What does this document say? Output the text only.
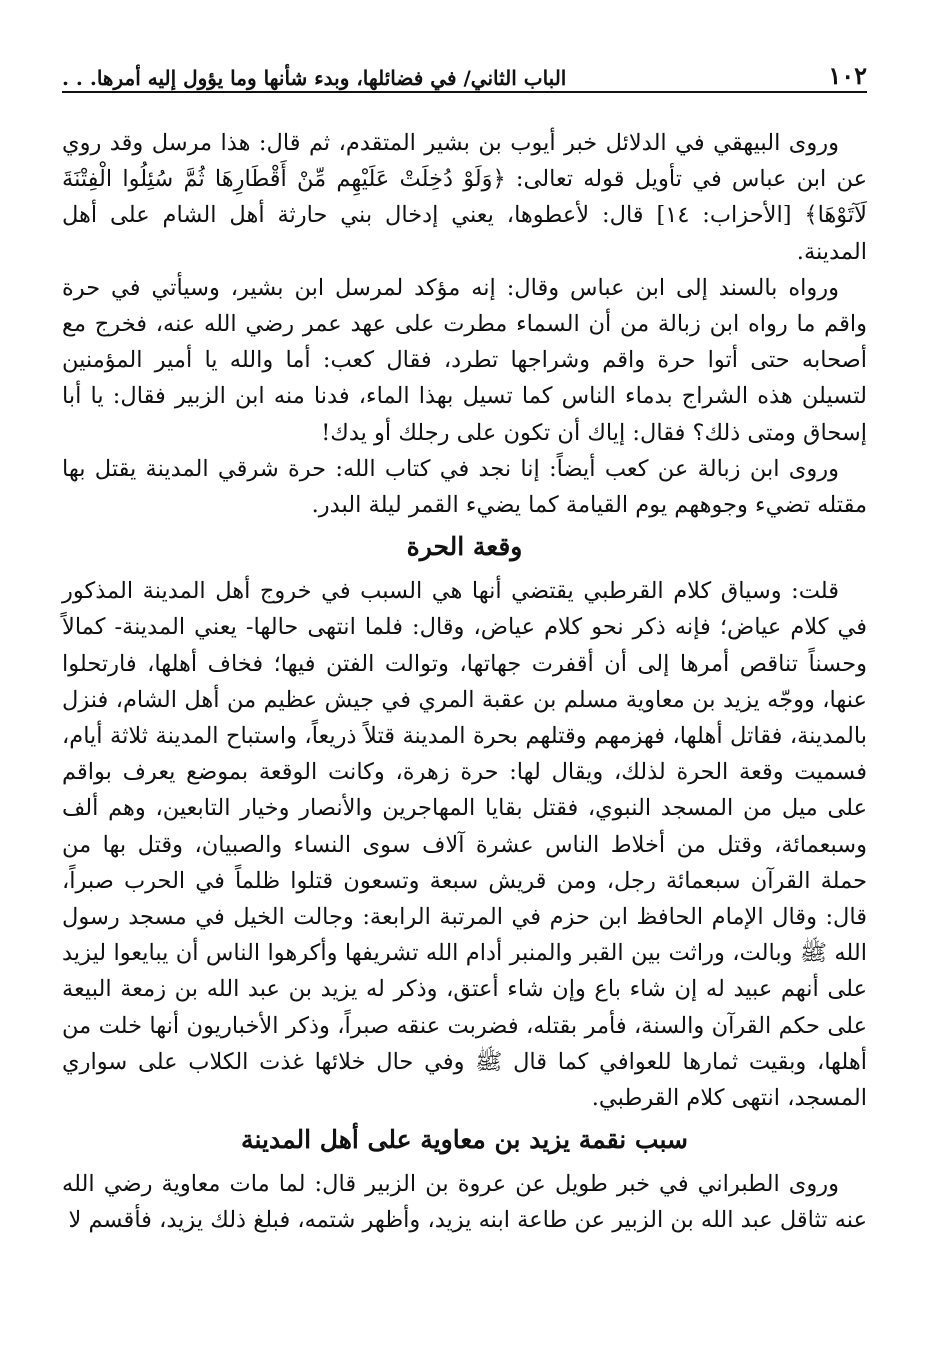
١٠٢
الباب الثاني/ في فضائلها، وبدء شأنها وما يؤول إليه أمرها. . .

وروى البيهقي في الدلائل خبر أيوب بن بشير المتقدم، ثم قال: هذا مرسل وقد روي عن ابن عباس في تأويل قوله تعالى: ﴿وَلَوْ دُخِلَتْ عَلَيْهِم مِّنْ أَقْطَارِهَا ثُمَّ سُئِلُوا الْفِتْنَةَ لَآتَوْهَا﴾ [الأحزاب: ١٤] قال: لأعطوها، يعني إدخال بني حارثة أهل الشام على أهل المدينة.

ورواه بالسند إلى ابن عباس وقال: إنه مؤكد لمرسل ابن بشير، وسيأتي في حرة واقم ما رواه ابن زبالة من أن السماء مطرت على عهد عمر رضي الله عنه، فخرج مع أصحابه حتى أتوا حرة واقم وشراجها تطرد، فقال كعب: أما والله يا أمير المؤمنين لتسيلن هذه الشراج بدماء الناس كما تسيل بهذا الماء، فدنا منه ابن الزبير فقال: يا أبا إسحاق ومتى ذلك؟ فقال: إياك أن تكون على رجلك أو يدك!

وروى ابن زبالة عن كعب أيضاً: إنا نجد في كتاب الله: حرة شرقي المدينة يقتل بها مقتله تضيء وجوههم يوم القيامة كما يضيء القمر ليلة البدر.

وقعة الحرة

قلت: وسياق كلام القرطبي يقتضي أنها هي السبب في خروج أهل المدينة المذكور في كلام عياض؛ فإنه ذكر نحو كلام عياض، وقال: فلما انتهى حالها- يعني المدينة- كمالاً وحسناً تناقص أمرها إلى أن أقفرت جهاتها، وتوالت الفتن فيها؛ فخاف أهلها، فارتحلوا عنها، ووجّه يزيد بن معاوية مسلم بن عقبة المري في جيش عظيم من أهل الشام، فنزل بالمدينة، فقاتل أهلها، فهزمهم وقتلهم بحرة المدينة قتلاً ذريعاً، واستباح المدينة ثلاثة أيام، فسميت وقعة الحرة لذلك، ويقال لها: حرة زهرة، وكانت الوقعة بموضع يعرف بواقم على ميل من المسجد النبوي، فقتل بقايا المهاجرين والأنصار وخيار التابعين، وهم ألف وسبعمائة، وقتل من أخلاط الناس عشرة آلاف سوى النساء والصبيان، وقتل بها من حملة القرآن سبعمائة رجل، ومن قريش سبعة وتسعون قتلوا ظلماً في الحرب صبراً، قال: وقال الإمام الحافظ ابن حزم في المرتبة الرابعة: وجالت الخيل في مسجد رسول الله ﷺ وبالت، وراثت بين القبر والمنبر أدام الله تشريفها وأكرهوا الناس أن يبايعوا ليزيد على أنهم عبيد له إن شاء باع وإن شاء أعتق، وذكر له يزيد بن عبد الله بن زمعة البيعة على حكم القرآن والسنة، فأمر بقتله، فضربت عنقه صبراً، وذكر الأخباريون أنها خلت من أهلها، وبقيت ثمارها للعوافي كما قال ﷺ وفي حال خلائها غذت الكلاب على سواري المسجد، انتهى كلام القرطبي.

سبب نقمة يزيد بن معاوية على أهل المدينة

وروى الطبراني في خبر طويل عن عروة بن الزبير قال: لما مات معاوية رضي الله عنه تثاقل عبد الله بن الزبير عن طاعة ابنه يزيد، وأظهر شتمه، فبلغ ذلك يزيد، فأقسم لا
